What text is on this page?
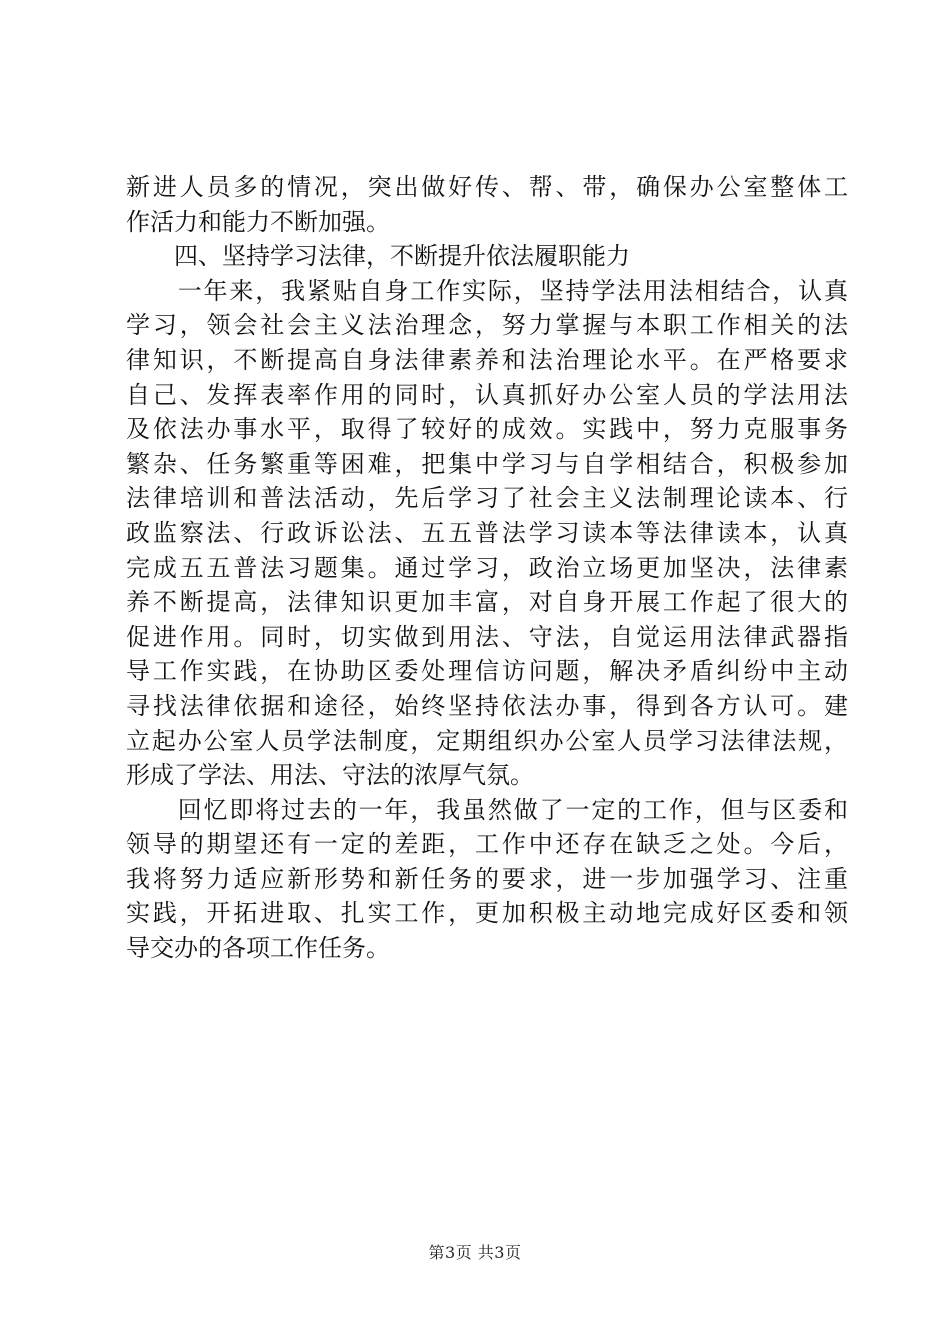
新进人员多的情况，突出做好传、帮、带，确保办公室整体工
作活力和能力不断加强。
　　四、坚持学习法律，不断提升依法履职能力
　　一年来，我紧贴自身工作实际，坚持学法用法相结合，认真
学习，领会社会主义法治理念，努力掌握与本职工作相关的法
律知识，不断提高自身法律素养和法治理论水平。在严格要求
自己、发挥表率作用的同时，认真抓好办公室人员的学法用法
及依法办事水平，取得了较好的成效。实践中，努力克服事务
繁杂、任务繁重等困难，把集中学习与自学相结合，积极参加
法律培训和普法活动，先后学习了社会主义法制理论读本、行
政监察法、行政诉讼法、五五普法学习读本等法律读本，认真
完成五五普法习题集。通过学习，政治立场更加坚决，法律素
养不断提高，法律知识更加丰富，对自身开展工作起了很大的
促进作用。同时，切实做到用法、守法，自觉运用法律武器指
导工作实践，在协助区委处理信访问题，解决矛盾纠纷中主动
寻找法律依据和途径，始终坚持依法办事，得到各方认可。建
立起办公室人员学法制度，定期组织办公室人员学习法律法规，
形成了学法、用法、守法的浓厚气氛。
　　回忆即将过去的一年，我虽然做了一定的工作，但与区委和
领导的期望还有一定的差距，工作中还存在缺乏之处。今后，
我将努力适应新形势和新任务的要求，进一步加强学习、注重
实践，开拓进取、扎实工作，更加积极主动地完成好区委和领
导交办的各项工作任务。
第3页 共3页
